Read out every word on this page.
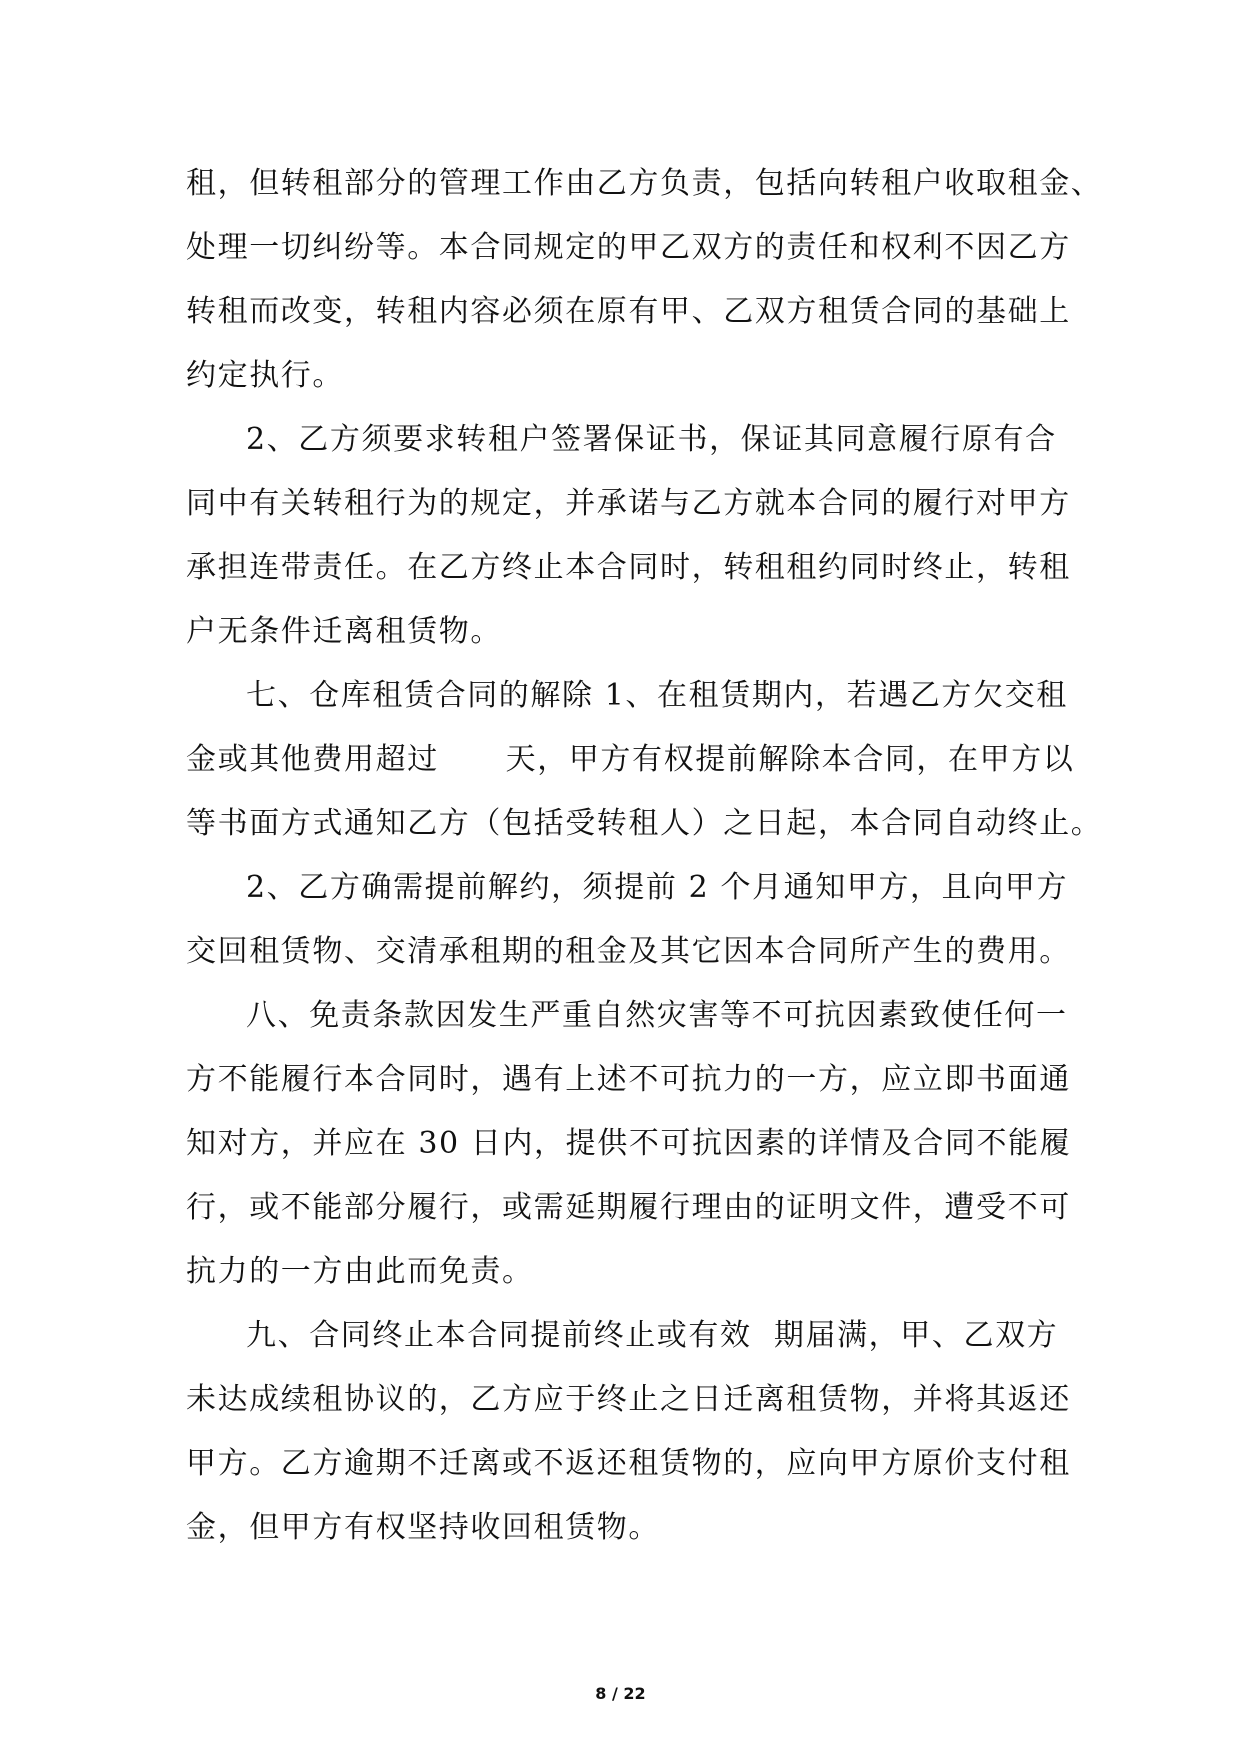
租，但转租部分的管理工作由乙方负责，包括向转租户收取租金、
处理一切纠纷等。本合同规定的甲乙双方的责任和权利不因乙方
转租而改变，转租内容必须在原有甲、乙双方租赁合同的基础上
约定执行。
2、乙方须要求转租户签署保证书，保证其同意履行原有合
同中有关转租行为的规定，并承诺与乙方就本合同的履行对甲方
承担连带责任。在乙方终止本合同时，转租租约同时终止，转租
户无条件迁离租赁物。
七、仓库租赁合同的解除 1、在租赁期内，若遇乙方欠交租
金或其他费用超过      天，甲方有权提前解除本合同，在甲方以
等书面方式通知乙方（包括受转租人）之日起，本合同自动终止。
2、乙方确需提前解约，须提前 2 个月通知甲方，且向甲方
交回租赁物、交清承租期的租金及其它因本合同所产生的费用。
八、免责条款因发生严重自然灾害等不可抗因素致使任何一
方不能履行本合同时，遇有上述不可抗力的一方，应立即书面通
知对方，并应在 30 日内，提供不可抗因素的详情及合同不能履
行，或不能部分履行，或需延期履行理由的证明文件，遭受不可
抗力的一方由此而免责。
九、合同终止本合同提前终止或有效  期届满，甲、乙双方
未达成续租协议的，乙方应于终止之日迁离租赁物，并将其返还
甲方。乙方逾期不迁离或不返还租赁物的，应向甲方原价支付租
金，但甲方有权坚持收回租赁物。
8 / 22
